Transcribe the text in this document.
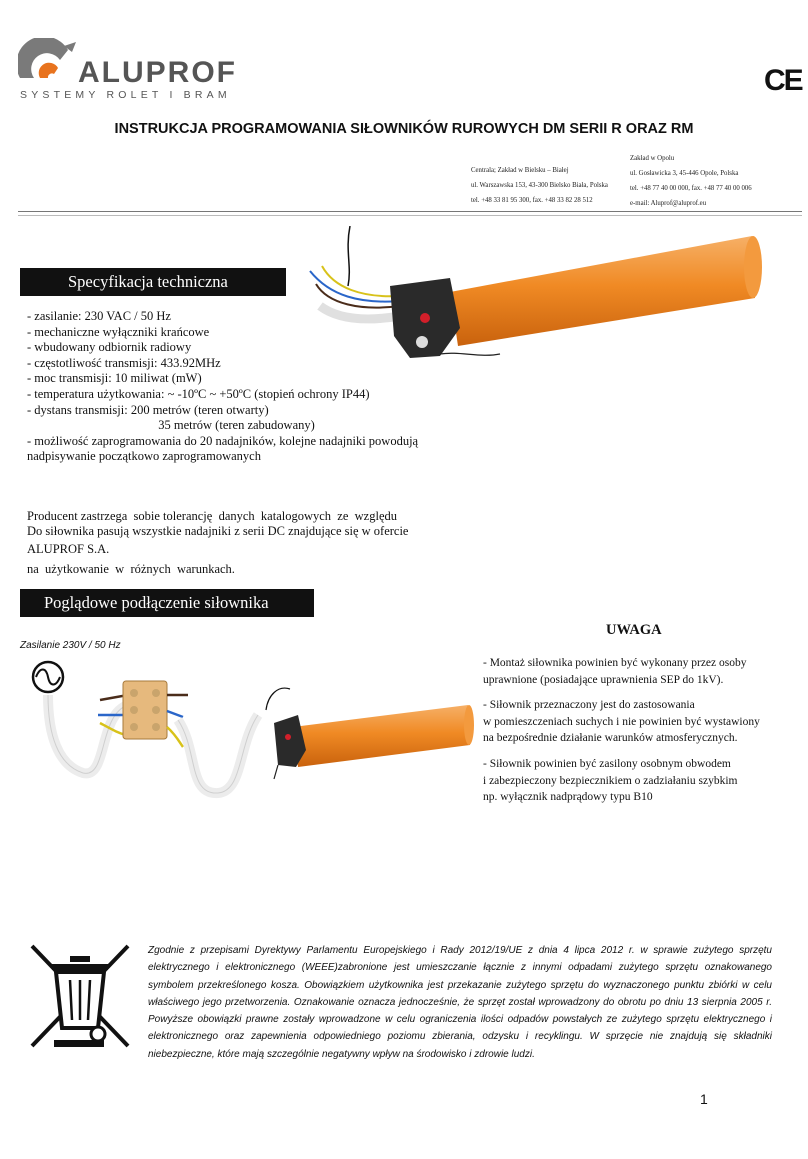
ALUPROF
SYSTEMY ROLET I BRAM	CE
INSTRUKCJA PROGRAMOWANIA SIŁOWNIKÓW RUROWYCH DM SERII R ORAZ RM
Centrala; Zakład w Bielsku – Białej
ul. Warszawska 153, 43-300 Bielsko Biała, Polska
tel. +48 33 81 95 300, fax. +48 33 82 28 512
Zakład w Opolu
ul. Gosławicka 3, 45-446 Opole, Polska
tel. +48 77 40 00 000, fax. +48 77 40 00 006
e-mail: Aluprof@aluprof.eu
Specyfikacja techniczna
- zasilanie: 230 VAC / 50 Hz
- mechaniczne wyłączniki krańcowe
- wbudowany odbiornik radiowy
- częstotliwość transmisji: 433.92MHz
- moc transmisji: 10 miliwat (mW)
- temperatura użytkowania: ~ -10ºC ~ +50ºC (stopień ochrony IP44)
- dystans transmisji: 200 metrów (teren otwarty)
35 metrów (teren zabudowany)
- możliwość zaprogramowania do 20 nadajników, kolejne nadajniki powodują
nadpisywanie początkowo zaprogramowanych

Producent zastrzega  sobie tolerancję  danych  katalogowych  ze  względu

na  użytkowanie  w  różnych  warunkach.

Do siłownika pasują wszystkie nadajniki z serii DC znajdujące się w ofercie
ALUPROF S.A.
Poglądowe podłączenie siłownika
Zasilanie 230V / 50 Hz
UWAGA
- Montaż siłownika powinien być wykonany przez osoby
uprawnione (posiadające uprawnienia SEP do 1kV).
- Siłownik przeznaczony jest do zastosowania
w pomieszczeniach suchych i nie powinien być wystawiony
na bezpośrednie działanie warunków atmosferycznych.
- Siłownik powinien być zasilony osobnym obwodem
i zabezpieczony bezpiecznikiem o zadziałaniu szybkim
np. wyłącznik nadprądowy typu B10
Zgodnie z przepisami Dyrektywy Parlamentu Europejskiego i Rady 2012/19/UE z dnia 4 lipca 2012 r. w sprawie zużytego sprzętu elektrycznego i elektronicznego (WEEE)zabronione jest umieszczanie łącznie z innymi odpadami zużytego sprzętu oznakowanego symbolem przekreślonego kosza. Obowiązkiem użytkownika jest przekazanie zużytego sprzętu do wyznaczonego punktu zbiórki w celu właściwego jego przetworzenia. Oznakowanie oznacza jednocześnie, że sprzęt został wprowadzony do obrotu po dniu 13 sierpnia 2005 r. Powyższe obowiązki prawne zostały wprowadzone w celu ograniczenia ilości odpadów powstałych ze zużytego sprzętu elektrycznego i elektronicznego oraz zapewnienia odpowiedniego poziomu zbierania, odzysku i recyklingu. W sprzęcie nie znajdują się składniki niebezpieczne, które mają szczególnie negatywny wpływ na środowisko i zdrowie ludzi.
1
